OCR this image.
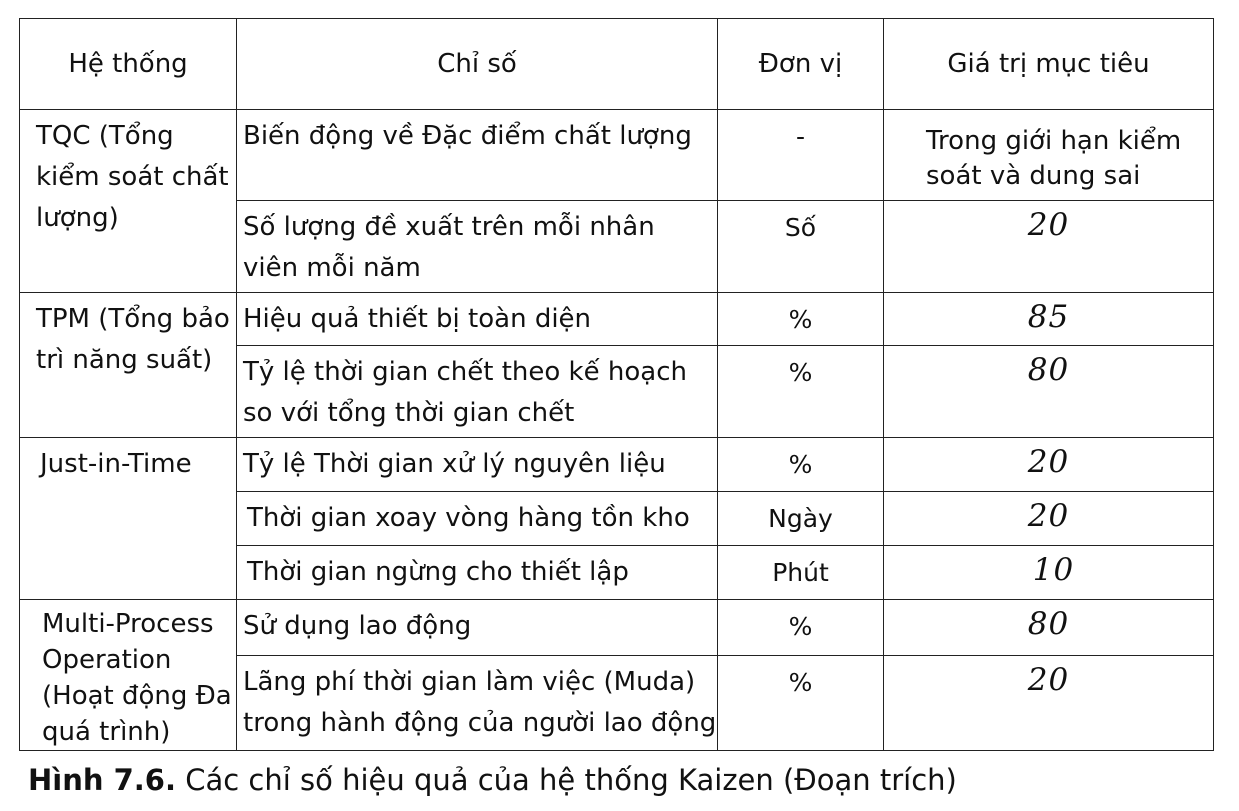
Hệ thống	Chỉ số	Đơn vị	Giá trị mục tiêu
TQC (Tổng kiểm soát chất lượng)	Biến động về Đặc điểm chất lượng	-	Trong giới hạn kiểm soát và dung sai
	Số lượng đề xuất trên mỗi nhân viên mỗi năm	Số	20
TPM (Tổng bảo trì năng suất)	Hiệu quả thiết bị toàn diện	%	85
	Tỷ lệ thời gian chết theo kế hoạch so với tổng thời gian chết	%	80
Just-in-Time	Tỷ lệ Thời gian xử lý nguyên liệu	%	20
	Thời gian xoay vòng hàng tồn kho	Ngày	20
	Thời gian ngừng cho thiết lập	Phút	10
Multi-Process Operation (Hoạt động Đa quá trình)	Sử dụng lao động	%	80
	Lãng phí thời gian làm việc (Muda) trong hành động của người lao động	%	20
Hình 7.6. Các chỉ số hiệu quả của hệ thống Kaizen (Đoạn trích)
